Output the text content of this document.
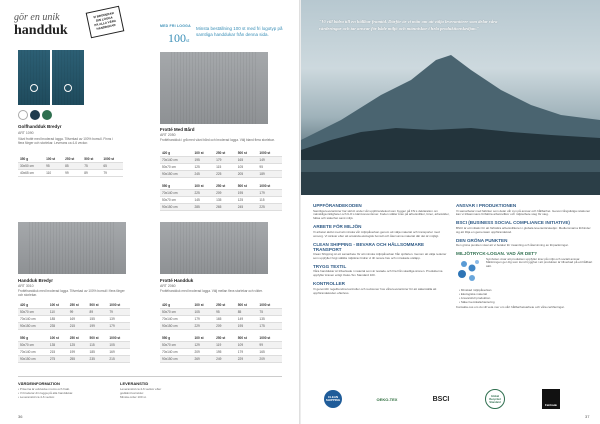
gör en unik
handduk
VI BRODERAR
DIN LOGGA
PÅ ALLA VÅRA
HANDDUKAR	MED FRI LOGGA
100st
Minsta beställning 100 st med fri logotyp på samtliga handdukar från denna sida.
Golfhandduk Bredyr
ART 1090
Vävd frotté med broderad logga. Tillverkad av 100% bomull. Finns i flera färger och storlekar. Leverans ca 4-6 veckor.
350 g	100 st	250 st	500 st	1000 st
30x50 cm	95	85	75	65
40x65 cm	110	99	89	79
Frotté Med Bård
ART 2050
Frottéhandduk i grå med vävd bård och broderad logga. Välj bland flera storlekar.
420 g	100 st	250 st	500 st	1000 st
70x140 cm	195	179	165	149
50x70 cm	125	115	105	95
90x150 cm	245	225	205	189
550 g	100 st	250 st	500 st	1000 st
70x140 cm	225	209	195	179
50x70 cm	145	135	125	115
90x150 cm	285	265	245	225
Handduk Bredyr
ART 3010
Frottéhandduk med broderad logga. Tillverkad av 100% bomull i flera färger och storlekar.
420 g	100 st	250 st	500 st	1000 st
50x70 cm	110	99	89	79
70x140 cm	185	169	155	139
90x150 cm	235	215	199	179
550 g	100 st	250 st	500 st	1000 st
50x70 cm	135	125	115	105
70x140 cm	215	199	185	169
90x150 cm	275	255	235	215
Frotté Handduk
ART 2060
Frottéhandduk med broderad logga. Välj mellan flera storlekar och vikter.
420 g	100 st	250 st	500 st	1000 st
50x70 cm	105	95	85	75
70x140 cm	179	165	149	135
90x150 cm	229	209	195	175
550 g	100 st	250 st	500 st	1000 st
50x70 cm	129	119	109	99
70x140 cm	209	195	179	165
90x150 cm	269	249	229	209
VÄRDEINFORMATION
• Priserna är exklusive moms och frakt.
• Vi broderar din logga på alla handdukar.
• Leveranstid ca 4-6 veckor.
LEVERANSTID
Leveranstid ca 4-6 veckor efter
godkänt korrektur.
Minsta order 100 st.
36
"Vi vill bidra till en hållbar framtid. Därför är vi mån om att välja leverantörer som delar våra värderingar och tar ansvar för både miljö och människor i hela produktionskedjan."
UPPFÖRANDEKODEN
Samtliga leverantörer har skrivit under vår uppförandekod som bygger på FN:s deklaration om mänskliga rättigheter och ILO:s kärnkonventioner. Koden ställer krav på arbetsvillkor, löner, arbetstider, hälsa och säkerhet samt miljö.
ARBETE FÖR MILJÖN
Vi arbetar aktivt med att minska vår miljöpåverkan genom att välja material och transporter med omsorg. Vi strävar efter att använda ekologisk bomull och återvunna material där det är möjligt.
CLEAN SHIPPING - BEVARA OCH HÅLLSOMMARE TRANSPORT
Clean Shipping är ett samarbete för att minska miljöpåverkan från sjöfarten. Genom att välja rederier som uppfyller högt ställda miljökrav bidrar vi till renare hav och minskade utsläpp.
TRYGG TEXTIL
Våra handdukar är tillverkade i material som är testade och fria från skadliga ämnen. Produkterna uppfyller kraven enligt Oeko-Tex Standard 100.
KONTROLLER
Vi genomför regelbundna kontroller och revisioner hos våra leverantörer för att säkerställa att uppförandekoden efterlevs.
ANSVAR I PRODUKTIONEN
Vi samarbetar med fabriker som delar vår syn på ansvar och hållbarhet. Genom långsiktiga relationer kan vi tillsammans förbättra arbetsvillkor och miljöarbete steg för steg.
BSCI (BUSINESS SOCIAL COMPLIANCE INITIATIVE)
BSCI är ett initiativ för att förbättra arbetsvillkoren i globala leverantörskedjor. Medlemmarna förbinder sig att följa en gemensam uppförandekod.
DEN GRÖNA PUNKTEN
Den gröna punkten visar att vi betalar för insamling och återvinning av förpackningar.
MILJÖTRYCK-LOGAN. VAD ÄR DET?
Symbolen visar att produkten uppfyller krav på miljö och socialt ansvar. Märkningen ger dig som kund trygghet i att produkten är tillverkad på ett hållbart sätt.
• Minskad miljöpåverkan
• Ekologiska material
• Ansvarsfull produktion
• Säker kemikaliehantering
Kontakta oss om du vill veta mer om vårt hållbarhetsarbete och våra certifieringar.
CLEAN SHIPPING	OEKO-TEX	BSCI	Global Recycled Standard
Fairtrade
37
